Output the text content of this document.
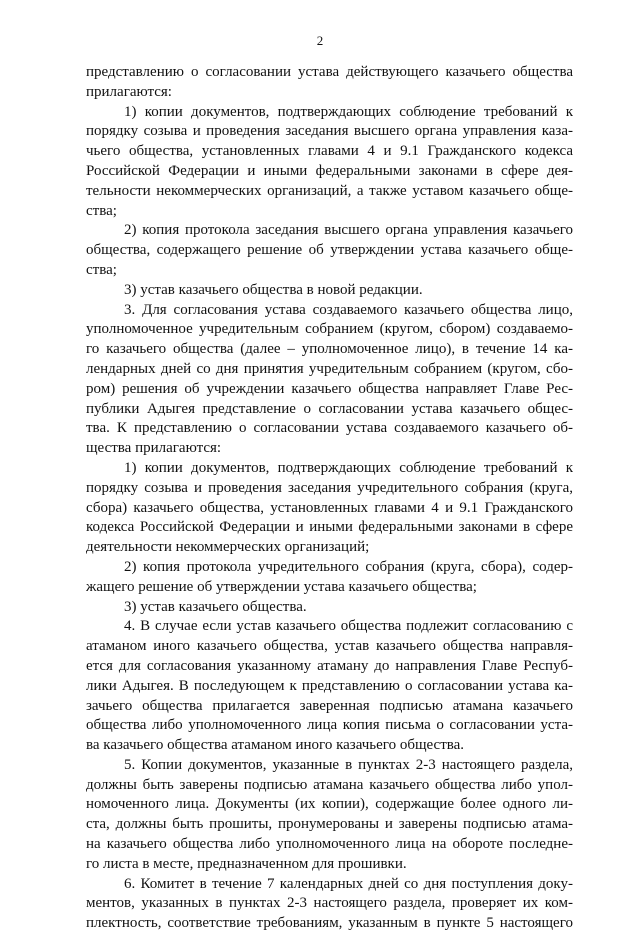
2
представлению о согласовании устава действующего казачьего общества
прилагаются:
1) копии документов, подтверждающих соблюдение требований к
порядку созыва и проведения заседания высшего органа управления каза-
чьего общества, установленных главами 4 и 9.1 Гражданского кодекса
Российской Федерации и иными федеральными законами в сфере дея-
тельности некоммерческих организаций, а также уставом казачьего обще-
ства;
2) копия протокола заседания высшего органа управления казачьего
общества, содержащего решение об утверждении устава казачьего обще-
ства;
3) устав казачьего общества в новой редакции.
3. Для согласования устава создаваемого казачьего общества лицо,
уполномоченное учредительным собранием (кругом, сбором) создаваемо-
го казачьего общества (далее – уполномоченное лицо), в течение 14 ка-
лендарных дней со дня принятия учредительным собранием (кругом, сбо-
ром) решения об учреждении казачьего общества направляет Главе Рес-
публики Адыгея представление о согласовании устава казачьего общес-
тва. К представлению о согласовании устава создаваемого казачьего об-
щества прилагаются:
1) копии документов, подтверждающих соблюдение требований к
порядку созыва и проведения заседания учредительного собрания (круга,
сбора) казачьего общества, установленных главами 4 и 9.1 Гражданского
кодекса Российской Федерации и иными федеральными законами в сфере
деятельности некоммерческих организаций;
2) копия протокола учредительного собрания (круга, сбора), содер-
жащего решение об утверждении устава казачьего общества;
3) устав казачьего общества.
4. В случае если устав казачьего общества подлежит согласованию с
атаманом иного казачьего общества, устав казачьего общества направля-
ется для согласования указанному атаману до направления Главе Респуб-
лики Адыгея. В последующем к представлению о согласовании устава ка-
зачьего общества прилагается заверенная подписью атамана казачьего
общества либо уполномоченного лица копия письма о согласовании уста-
ва казачьего общества атаманом иного казачьего общества.
5. Копии документов, указанные в пунктах 2-3 настоящего раздела,
должны быть заверены подписью атамана казачьего общества либо упол-
номоченного лица. Документы (их копии), содержащие более одного ли-
ста, должны быть прошиты, пронумерованы и заверены подписью атама-
на казачьего общества либо уполномоченного лица на обороте последне-
го листа в месте, предназначенном для прошивки.
6. Комитет в течение 7 календарных дней со дня поступления доку-
ментов, указанных в пунктах 2-3 настоящего раздела, проверяет их ком-
плектность, соответствие требованиям, указанным в пункте 5 настоящего
